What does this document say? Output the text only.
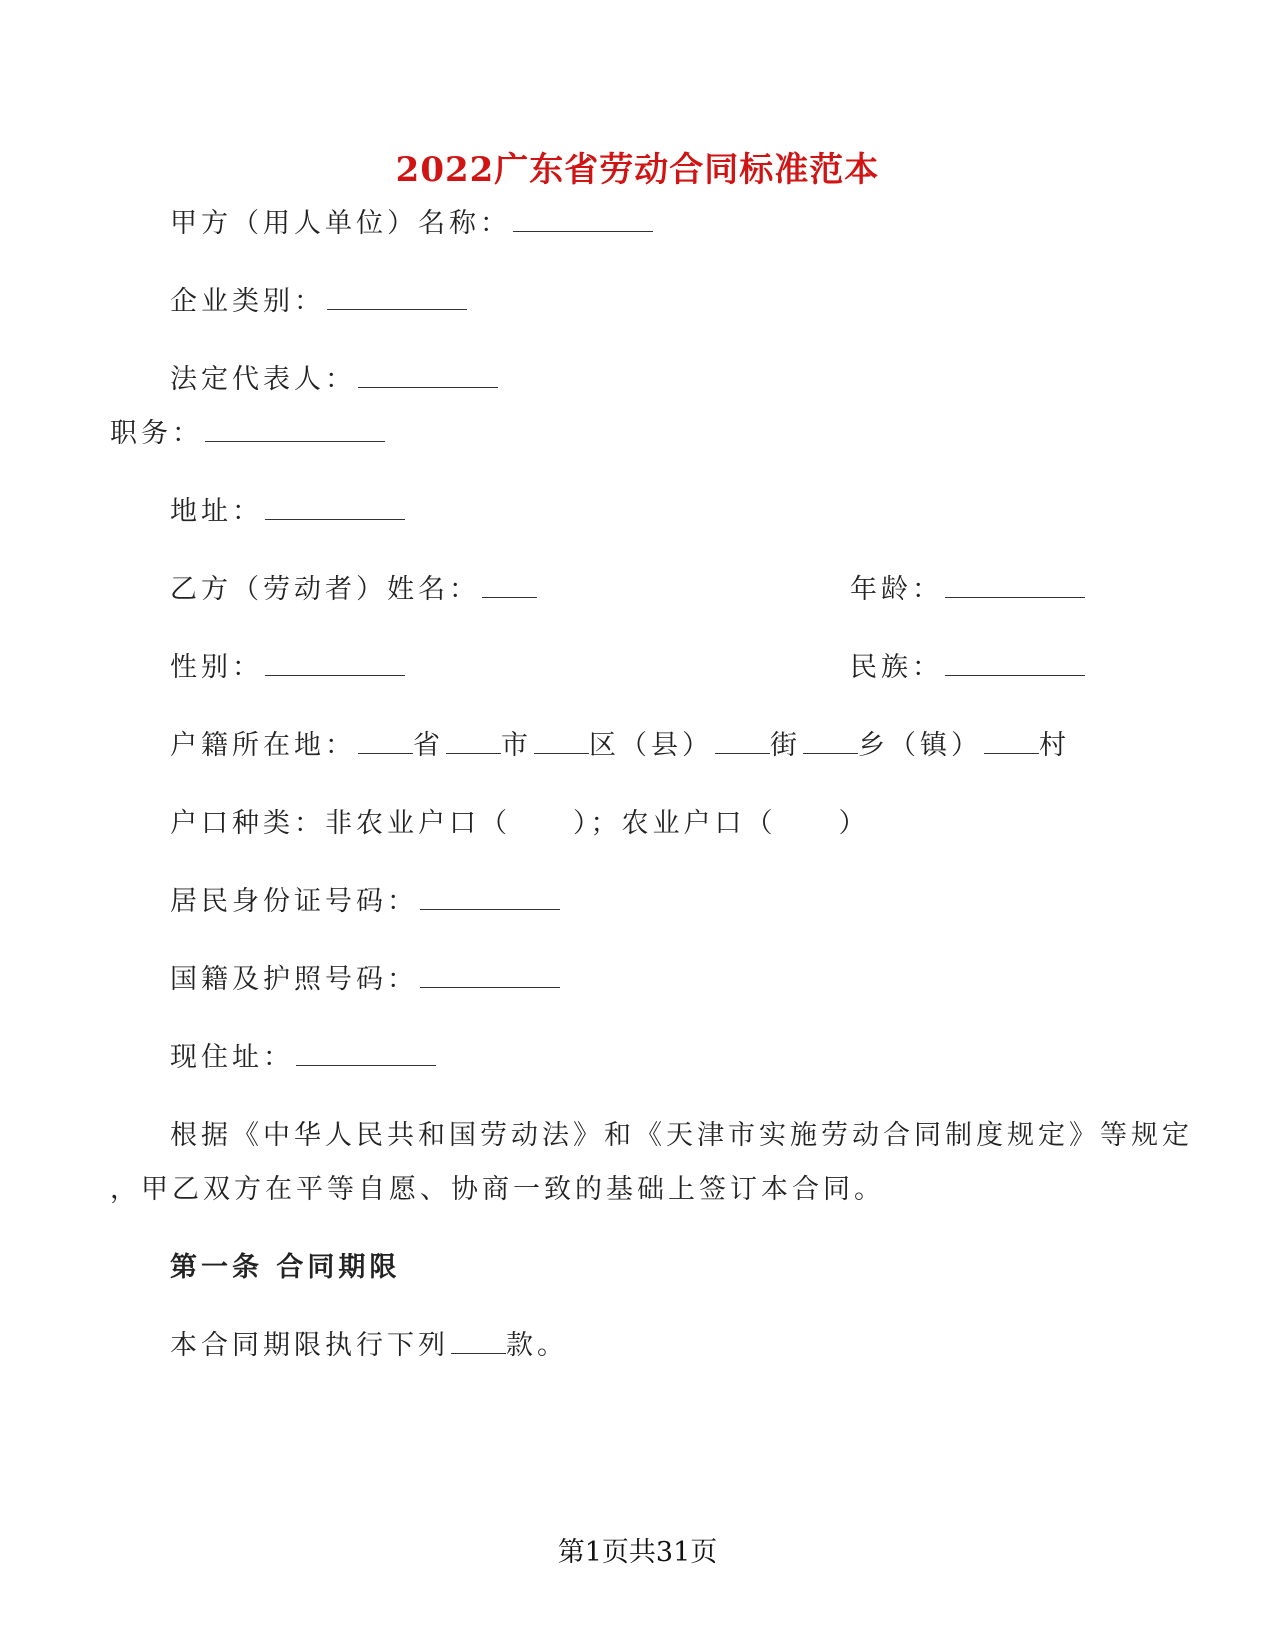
2022广东省劳动合同标准范本
甲方（用人单位）名称：
企业类别：
法定代表人：
职务：
地址：
乙方（劳动者）姓名：	年龄：
性别：	民族：
户籍所在地： 省 市 区（县） 街 乡（镇） 村
户口种类：非农业户口（　　）；农业户口（　　）
居民身份证号码：
国籍及护照号码：
现住址：
根据《中华人民共和国劳动法》和《天津市实施劳动合同制度规定》等规定
，甲乙双方在平等自愿、协商一致的基础上签订本合同。
第一条 合同期限
本合同期限执行下列 款。
第1页共31页
